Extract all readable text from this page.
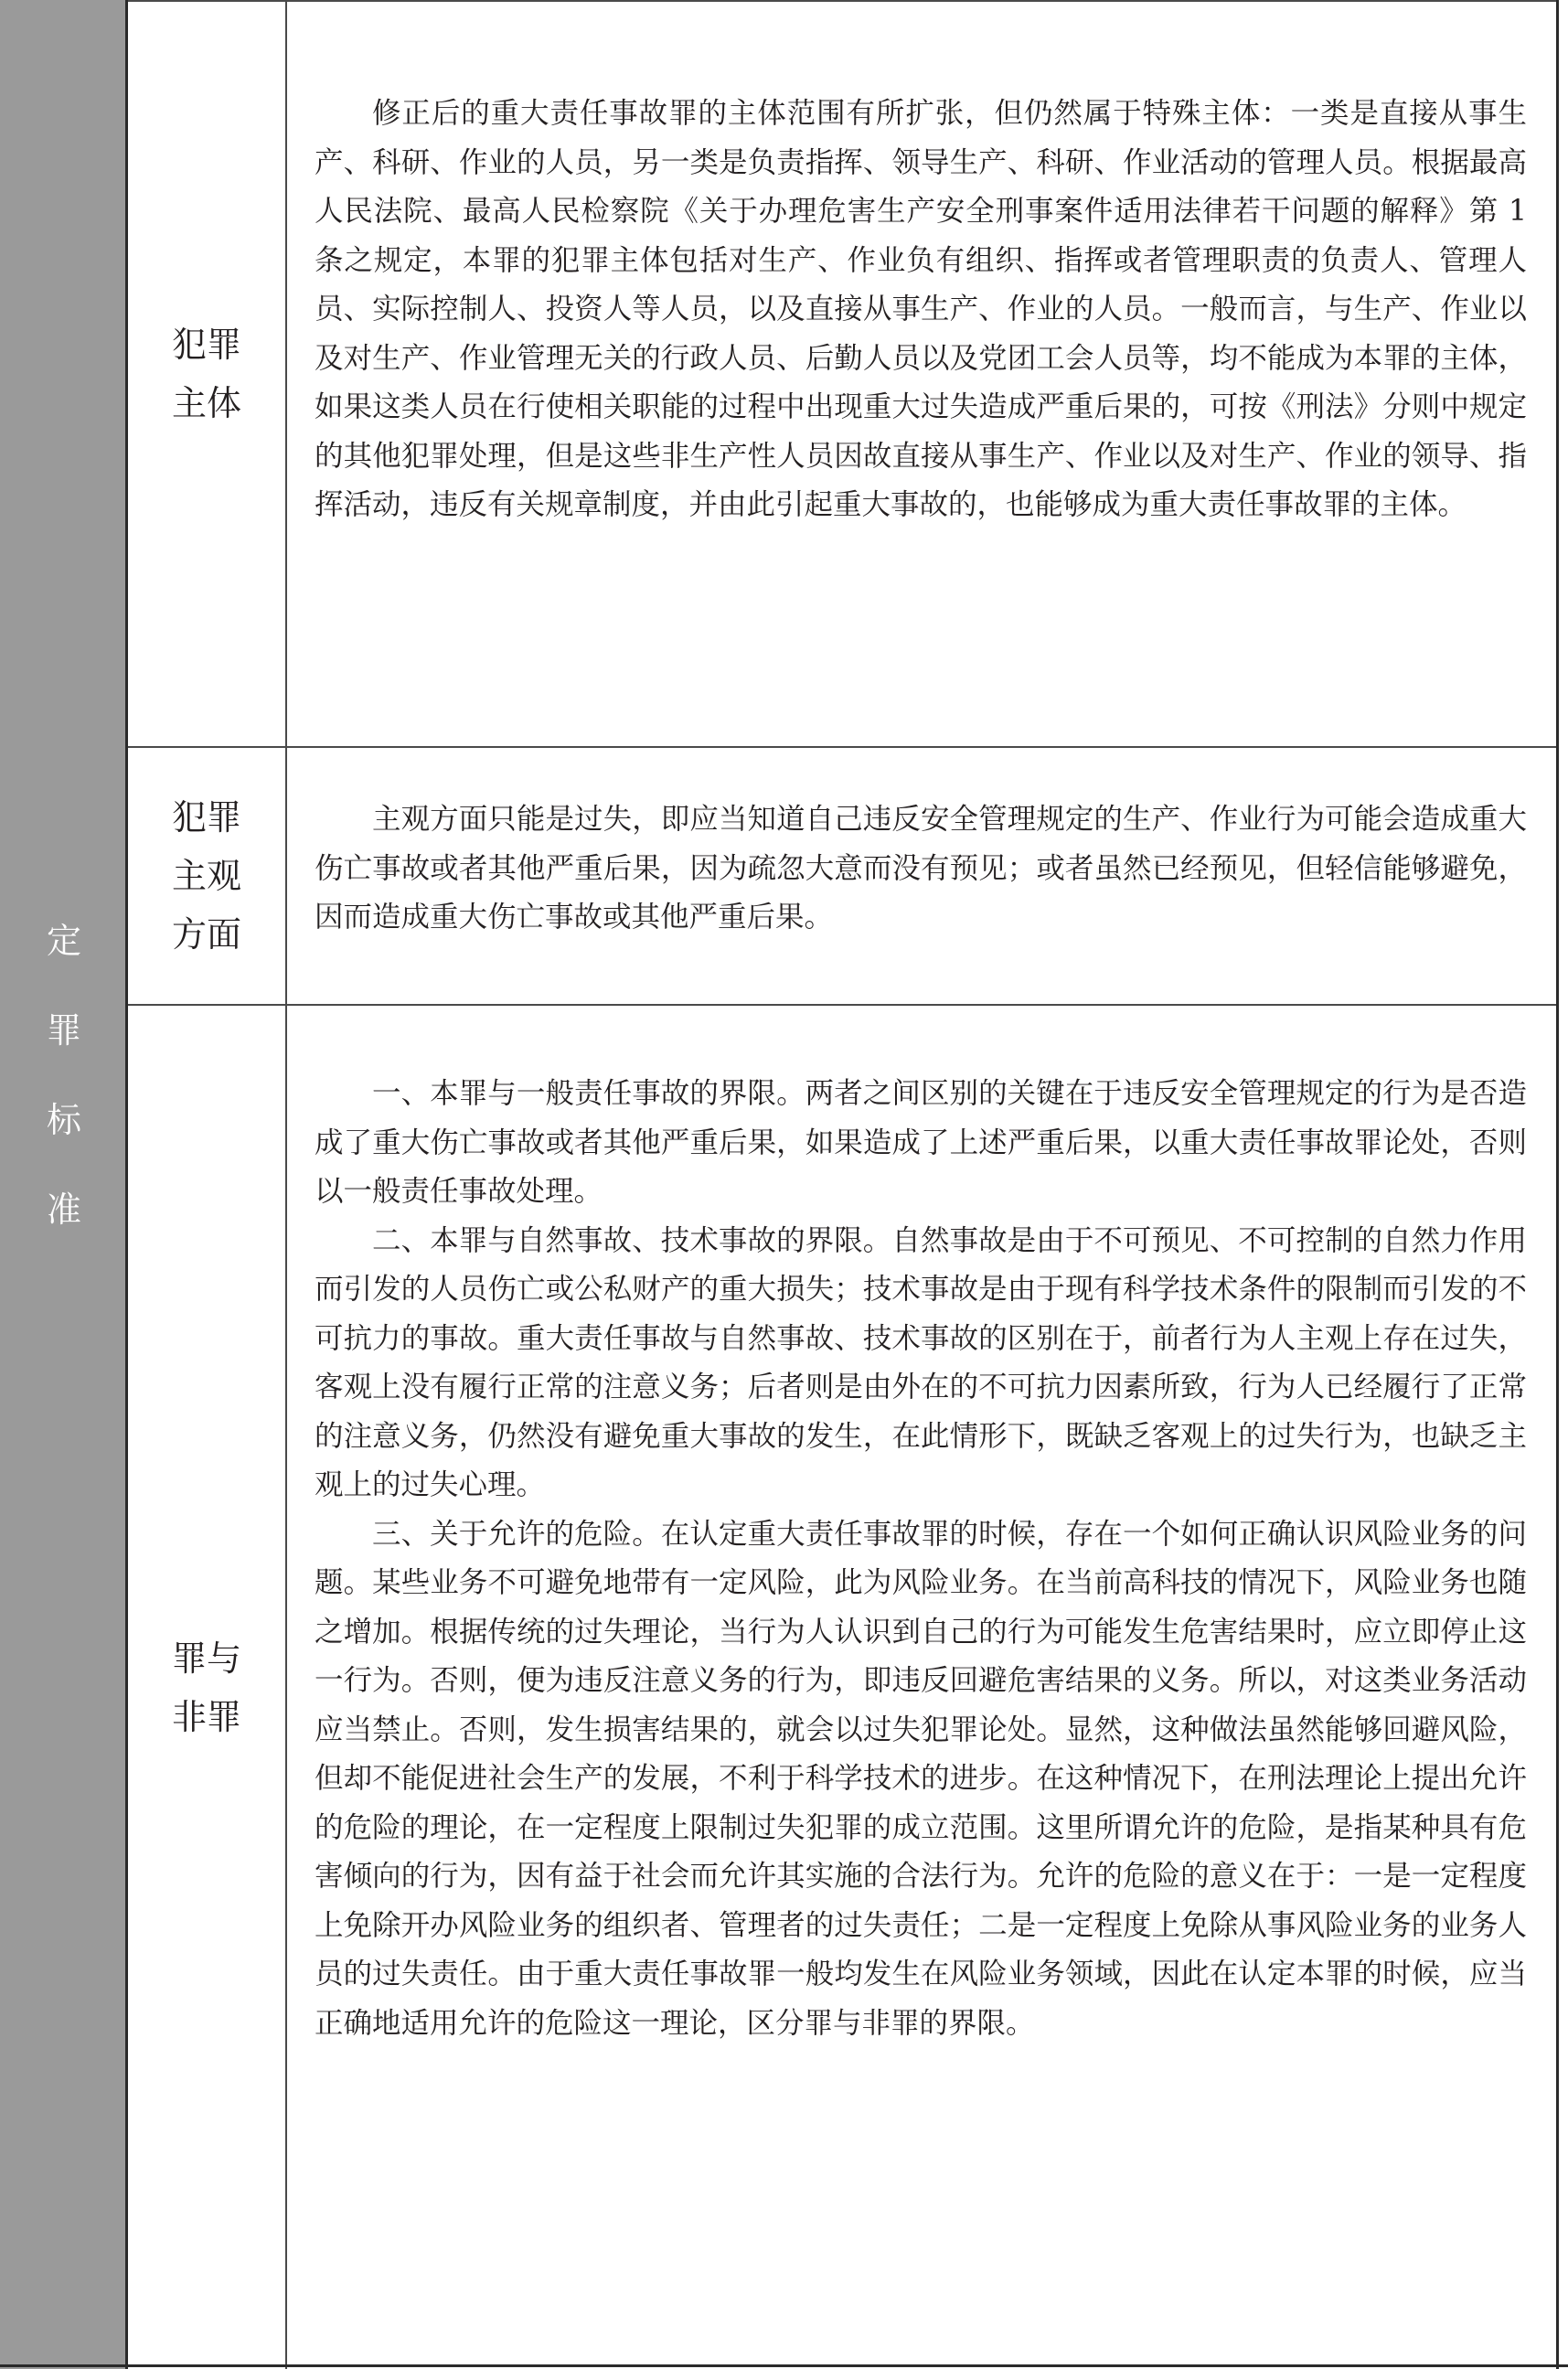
定
罪
标
准
犯罪主体

修正后的重大责任事故罪的主体范围有所扩张，但仍然属于特殊主体：一类是直接从事生产、科研、作业的人员，另一类是负责指挥、领导生产、科研、作业活动的管理人员。根据最高人民法院、最高人民检察院《关于办理危害生产安全刑事案件适用法律若干问题的解释》第 1 条之规定，本罪的犯罪主体包括对生产、作业负有组织、指挥或者管理职责的负责人、管理人员、实际控制人、投资人等人员，以及直接从事生产、作业的人员。一般而言，与生产、作业以及对生产、作业管理无关的行政人员、后勤人员以及党团工会人员等，均不能成为本罪的主体，如果这类人员在行使相关职能的过程中出现重大过失造成严重后果的，可按《刑法》分则中规定的其他犯罪处理，但是这些非生产性人员因故直接从事生产、作业以及对生产、作业的领导、指挥活动，违反有关规章制度，并由此引起重大事故的，也能够成为重大责任事故罪的主体。

犯罪主观方面

主观方面只能是过失，即应当知道自己违反安全管理规定的生产、作业行为可能会造成重大伤亡事故或者其他严重后果，因为疏忽大意而没有预见；或者虽然已经预见，但轻信能够避免，因而造成重大伤亡事故或其他严重后果。

罪与非罪

一、本罪与一般责任事故的界限。两者之间区别的关键在于违反安全管理规定的行为是否造成了重大伤亡事故或者其他严重后果，如果造成了上述严重后果，以重大责任事故罪论处，否则以一般责任事故处理。

二、本罪与自然事故、技术事故的界限。自然事故是由于不可预见、不可控制的自然力作用而引发的人员伤亡或公私财产的重大损失；技术事故是由于现有科学技术条件的限制而引发的不可抗力的事故。重大责任事故与自然事故、技术事故的区别在于，前者行为人主观上存在过失，客观上没有履行正常的注意义务；后者则是由外在的不可抗力因素所致，行为人已经履行了正常的注意义务，仍然没有避免重大事故的发生，在此情形下，既缺乏客观上的过失行为，也缺乏主观上的过失心理。

三、关于允许的危险。在认定重大责任事故罪的时候，存在一个如何正确认识风险业务的问题。某些业务不可避免地带有一定风险，此为风险业务。在当前高科技的情况下，风险业务也随之增加。根据传统的过失理论，当行为人认识到自己的行为可能发生危害结果时，应立即停止这一行为。否则，便为违反注意义务的行为，即违反回避危害结果的义务。所以，对这类业务活动应当禁止。否则，发生损害结果的，就会以过失犯罪论处。显然，这种做法虽然能够回避风险，但却不能促进社会生产的发展，不利于科学技术的进步。在这种情况下，在刑法理论上提出允许的危险的理论，在一定程度上限制过失犯罪的成立范围。这里所谓允许的危险，是指某种具有危害倾向的行为，因有益于社会而允许其实施的合法行为。允许的危险的意义在于：一是一定程度上免除开办风险业务的组织者、管理者的过失责任；二是一定程度上免除从事风险业务的业务人员的过失责任。由于重大责任事故罪一般均发生在风险业务领域，因此在认定本罪的时候，应当正确地适用允许的危险这一理论，区分罪与非罪的界限。
